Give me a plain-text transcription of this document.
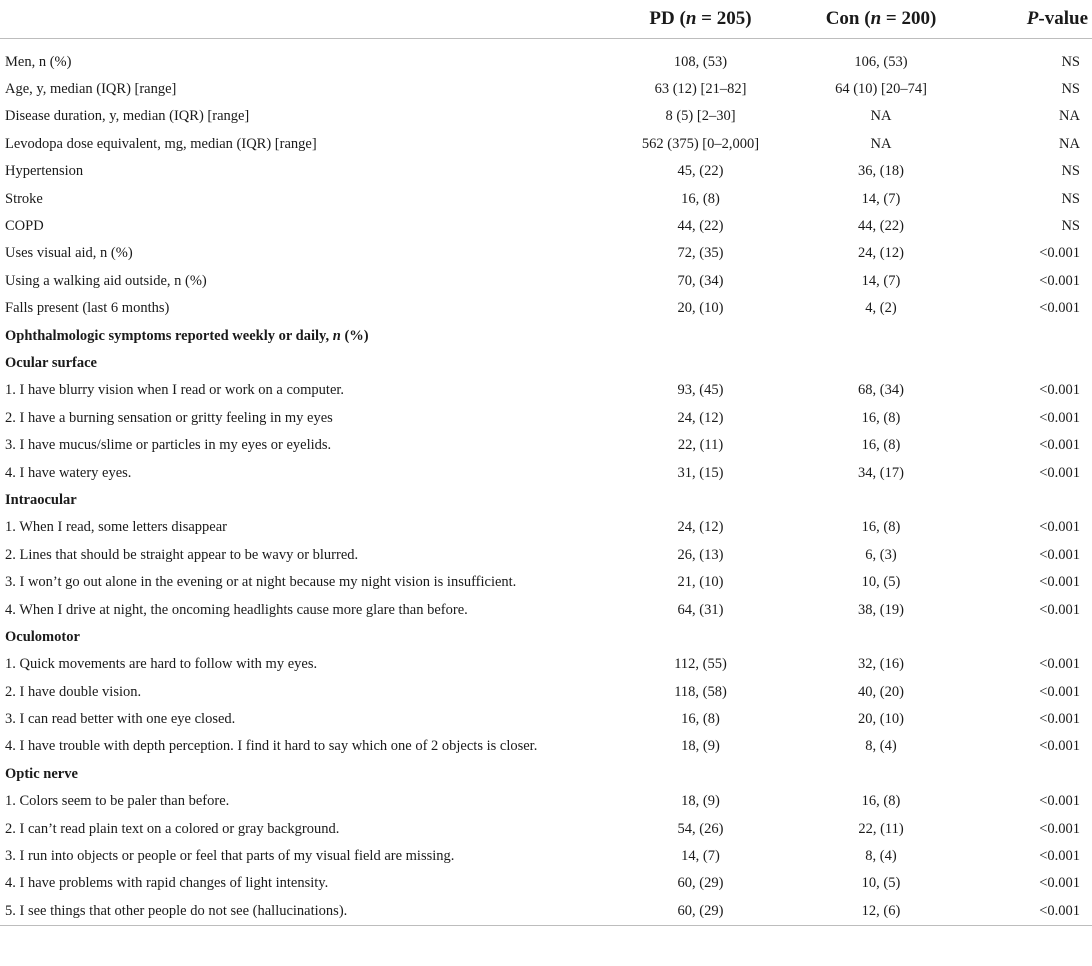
	PD (n = 205)	Con (n = 200)	P-value

Men, n (%)	108, (53)	106, (53)	NS
Age, y, median (IQR) [range]	63 (12) [21–82]	64 (10) [20–74]	NS
Disease duration, y, median (IQR) [range]	8 (5) [2–30]	NA	NA
Levodopa dose equivalent, mg, median (IQR) [range]	562 (375) [0–2,000]	NA	NA
Hypertension	45, (22)	36, (18)	NS
Stroke	16, (8)	14, (7)	NS
COPD	44, (22)	44, (22)	NS
Uses visual aid, n (%)	72, (35)	24, (12)	<0.001
Using a walking aid outside, n (%)	70, (34)	14, (7)	<0.001
Falls present (last 6 months)	20, (10)	4, (2)	<0.001
Ophthalmologic symptoms reported weekly or daily, n (%)			
Ocular surface			
1. I have blurry vision when I read or work on a computer.	93, (45)	68, (34)	<0.001
2. I have a burning sensation or gritty feeling in my eyes	24, (12)	16, (8)	<0.001
3. I have mucus/slime or particles in my eyes or eyelids.	22, (11)	16, (8)	<0.001
4. I have watery eyes.	31, (15)	34, (17)	<0.001
Intraocular			
1. When I read, some letters disappear	24, (12)	16, (8)	<0.001
2. Lines that should be straight appear to be wavy or blurred.	26, (13)	6, (3)	<0.001
3. I won’t go out alone in the evening or at night because my night vision is insufficient.	21, (10)	10, (5)	<0.001
4. When I drive at night, the oncoming headlights cause more glare than before.	64, (31)	38, (19)	<0.001
Oculomotor			
1. Quick movements are hard to follow with my eyes.	112, (55)	32, (16)	<0.001
2. I have double vision.	118, (58)	40, (20)	<0.001
3. I can read better with one eye closed.	16, (8)	20, (10)	<0.001
4. I have trouble with depth perception. I find it hard to say which one of 2 objects is closer.	18, (9)	8, (4)	<0.001
Optic nerve			
1. Colors seem to be paler than before.	18, (9)	16, (8)	<0.001
2. I can’t read plain text on a colored or gray background.	54, (26)	22, (11)	<0.001
3. I run into objects or people or feel that parts of my visual field are missing.	14, (7)	8, (4)	<0.001
4. I have problems with rapid changes of light intensity.	60, (29)	10, (5)	<0.001
5. I see things that other people do not see (hallucinations).	60, (29)	12, (6)	<0.001
